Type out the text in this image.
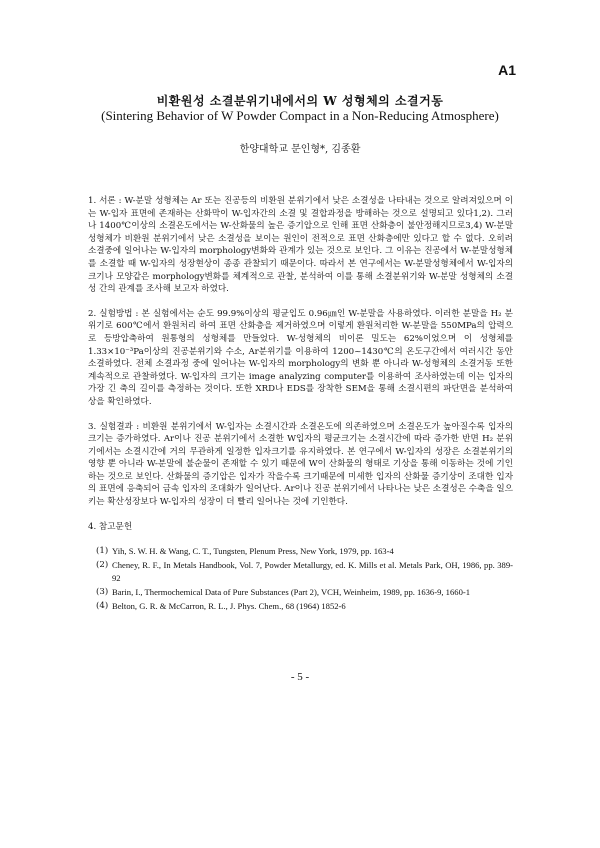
A1
비환원성 소결분위기내에서의 W 성형체의 소결거동
(Sintering Behavior of W Powder Compact in a Non-Reducing Atmosphere)
한양대학교 문인형*, 김종환

1. 서론 : W-분말 성형체는 Ar 또는 진공등의 비환원 분위기에서 낮은 소결성을 나타내는 것으로 알려져있으며 이는 W-입자 표면에 존재하는 산화막이 W-입자간의 소결 및 결합과정을 방해하는 것으로 설명되고 있다1,2). 그러나 1400℃이상의 소결온도에서는 W-산화물의 높은 증기압으로 인해 표면 산화층이 불안정해지므로3,4) W-분말성형체가 비환원 분위기에서 낮은 소결성을 보이는 원인이 전적으로 표면 산화층에만 있다고 할 수 없다. 오히려 소결중에 일어나는 W-입자의 morphology변화와 관계가 있는 것으로 보인다. 그 이유는 진공에서 W-분말성형체를 소결할 때 W-입자의 성장현상이 종종 관찰되기 때문이다. 따라서 본 연구에서는 W-분말성형체에서 W-입자의 크기나 모양같은 morphology변화를 체계적으로 관찰, 분석하여 이를 통해 소결분위기와 W-분말 성형체의 소결성 간의 관계를 조사해 보고자 하였다.

2. 실험방법 : 본 실험에서는 순도 99.9%이상의 평균입도 0.96㎛인 W-분말을 사용하였다. 이러한 분말을 H₂ 분위기로 600℃에서 환원처리 하여 표면 산화층을 제거하였으며 이렇게 환원처리한 W-분말을 550MPa의 압력으로 등방압축하여 원통형의 성형체를 만들었다. W-성형체의 비이론 밀도는 62%이었으며 이 성형체를 1.33×10⁻³Pa이상의 진공분위기와 수소, Ar분위기를 이용하여 1200~1430℃의 온도구간에서 여러시간 동안 소결하였다. 전체 소결과정 중에 일어나는 W-입자의 morphology의 변화 뿐 아니라 W-성형체의 소결거동 또한 계속적으로 관찰하였다. W-입자의 크기는 image analyzing computer를 이용하여 조사하였는데 이는 입자의 가장 긴 축의 길이를 측정하는 것이다. 또한 XRD나 EDS를 장착한 SEM을 통해 소결시편의 파단면을 분석하여 상을 확인하였다.

3. 실험결과 : 비환원 분위기에서 W-입자는 소결시간과 소결온도에 의존하였으며 소결온도가 높아질수록 입자의 크기는 증가하였다. Ar이나 진공 분위기에서 소결한 W입자의 평균크기는 소결시간에 따라 증가한 반면 H₂ 분위기에서는 소결시간에 거의 무관하게 일정한 입자크기를 유지하였다. 본 연구에서 W-입자의 성장은 소결분위기의 영향 뿐 아니라 W-분말에 불순물이 존재할 수 있기 때문에 W이 산화물의 형태로 기상을 통해 이동하는 것에 기인하는 것으로 보인다. 산화물의 증기압은 입자가 작을수록 크기때문에 미세한 입자의 산화물 증기상이 조대한 입자의 표면에 응축되어 금속 입자의 조대화가 일어난다. Ar이나 진공 분위기에서 나타나는 낮은 소결성은 수축을 일으키는 확산성장보다 W-입자의 성장이 더 빨리 일어나는 것에 기인한다.

4. 참고문헌

(1) Yih, S. W. H. & Wang, C. T., Tungsten, Plenum Press, New York, 1979, pp. 163-4
(2) Cheney, R. F., In Metals Handbook, Vol. 7, Powder Metallurgy, ed. K. Mills et al. Metals Park, OH, 1986, pp. 389-92
(3) Barin, I., Thermochemical Data of Pure Substances (Part 2), VCH, Weinheim, 1989, pp. 1636-9, 1660-1
(4) Belton, G. R. & McCarron, R. L., J. Phys. Chem., 68 (1964) 1852-6
- 5 -
